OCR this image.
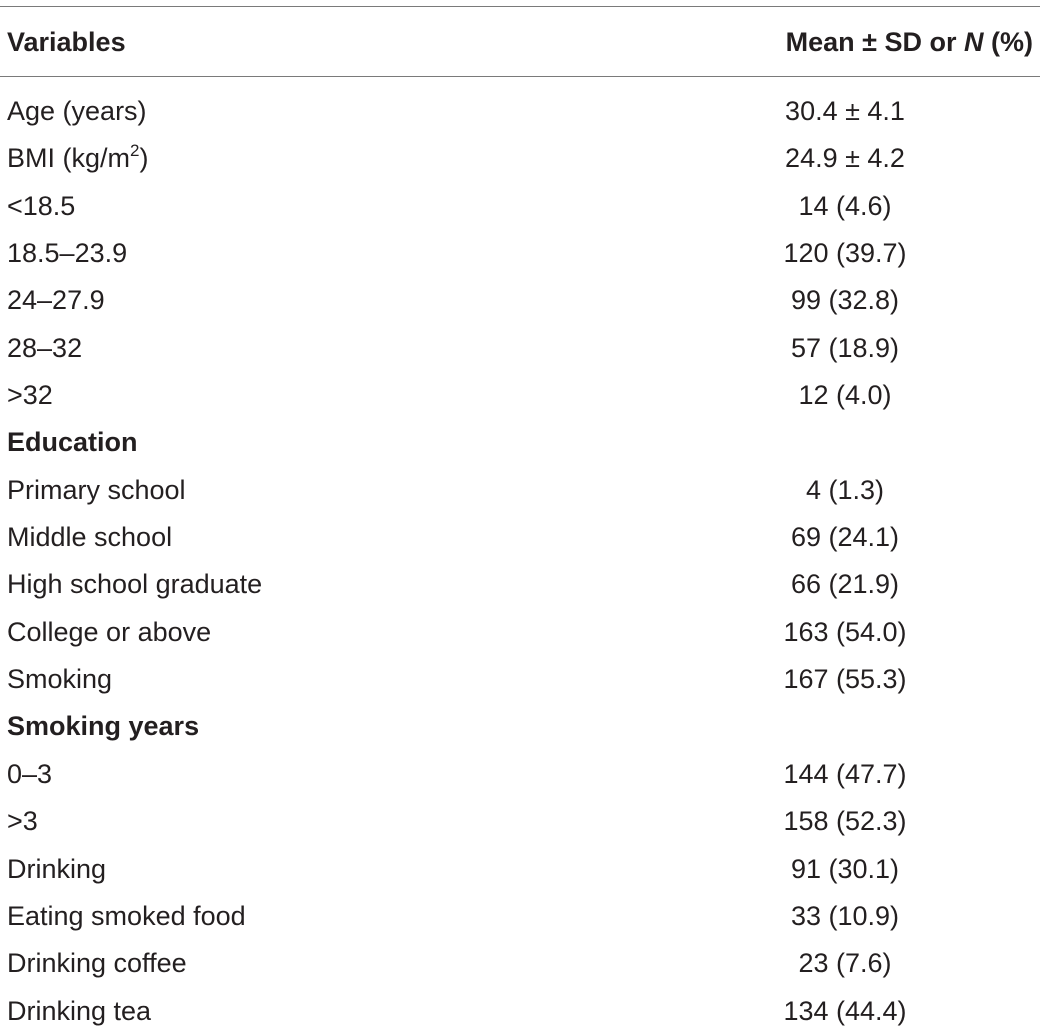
Variables	Mean ± SD or N (%)
Age (years)	30.4 ± 4.1
BMI $(kg/m^2)$	24.9 ± 4.2
<18.5	14 (4.6)
18.5–23.9	120 (39.7)
24–27.9	99 (32.8)
28–32	57 (18.9)
>32	12 (4.0)
Education
Primary school	4 (1.3)
Middle school	69 (24.1)
High school graduate	66 (21.9)
College or above	163 (54.0)
Smoking	167 (55.3)
Smoking years
0–3	144 (47.7)
>3	158 (52.3)
Drinking	91 (30.1)
Eating smoked food	33 (10.9)
Drinking coffee	23 (7.6)
Drinking tea	134 (44.4)
